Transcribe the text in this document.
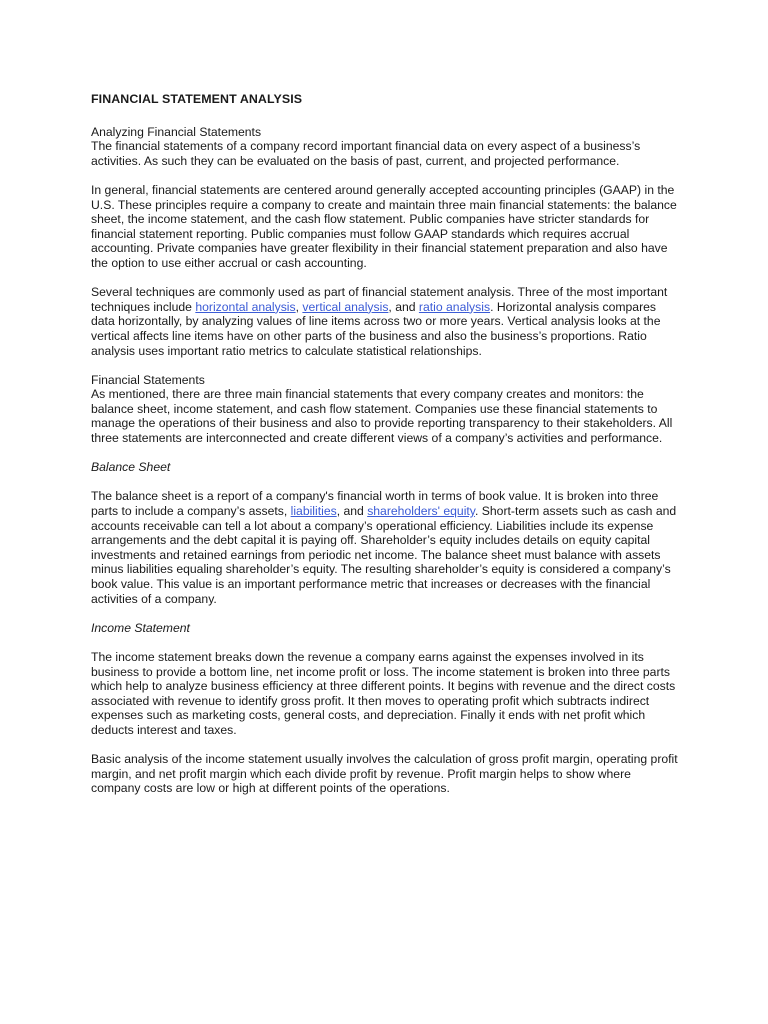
FINANCIAL STATEMENT ANALYSIS

Analyzing Financial Statements
The financial statements of a company record important financial data on every aspect of a business’s activities. As such they can be evaluated on the basis of past, current, and projected performance.

In general, financial statements are centered around generally accepted accounting principles (GAAP) in the U.S. These principles require a company to create and maintain three main financial statements: the balance sheet, the income statement, and the cash flow statement. Public companies have stricter standards for financial statement reporting. Public companies must follow GAAP standards which requires accrual accounting. Private companies have greater flexibility in their financial statement preparation and also have the option to use either accrual or cash accounting.

Several techniques are commonly used as part of financial statement analysis. Three of the most important techniques include horizontal analysis, vertical analysis, and ratio analysis. Horizontal analysis compares data horizontally, by analyzing values of line items across two or more years. Vertical analysis looks at the vertical affects line items have on other parts of the business and also the business’s proportions. Ratio analysis uses important ratio metrics to calculate statistical relationships.

Financial Statements
As mentioned, there are three main financial statements that every company creates and monitors: the balance sheet, income statement, and cash flow statement. Companies use these financial statements to manage the operations of their business and also to provide reporting transparency to their stakeholders. All three statements are interconnected and create different views of a company’s activities and performance.

Balance Sheet

The balance sheet is a report of a company's financial worth in terms of book value. It is broken into three parts to include a company’s assets, liabilities, and shareholders' equity. Short-term assets such as cash and accounts receivable can tell a lot about a company’s operational efficiency. Liabilities include its expense arrangements and the debt capital it is paying off. Shareholder’s equity includes details on equity capital investments and retained earnings from periodic net income. The balance sheet must balance with assets minus liabilities equaling shareholder’s equity. The resulting shareholder’s equity is considered a company’s book value. This value is an important performance metric that increases or decreases with the financial activities of a company.

Income Statement

The income statement breaks down the revenue a company earns against the expenses involved in its business to provide a bottom line, net income profit or loss. The income statement is broken into three parts which help to analyze business efficiency at three different points. It begins with revenue and the direct costs associated with revenue to identify gross profit. It then moves to operating profit which subtracts indirect expenses such as marketing costs, general costs, and depreciation. Finally it ends with net profit which deducts interest and taxes.

Basic analysis of the income statement usually involves the calculation of gross profit margin, operating profit margin, and net profit margin which each divide profit by revenue. Profit margin helps to show where company costs are low or high at different points of the operations.
